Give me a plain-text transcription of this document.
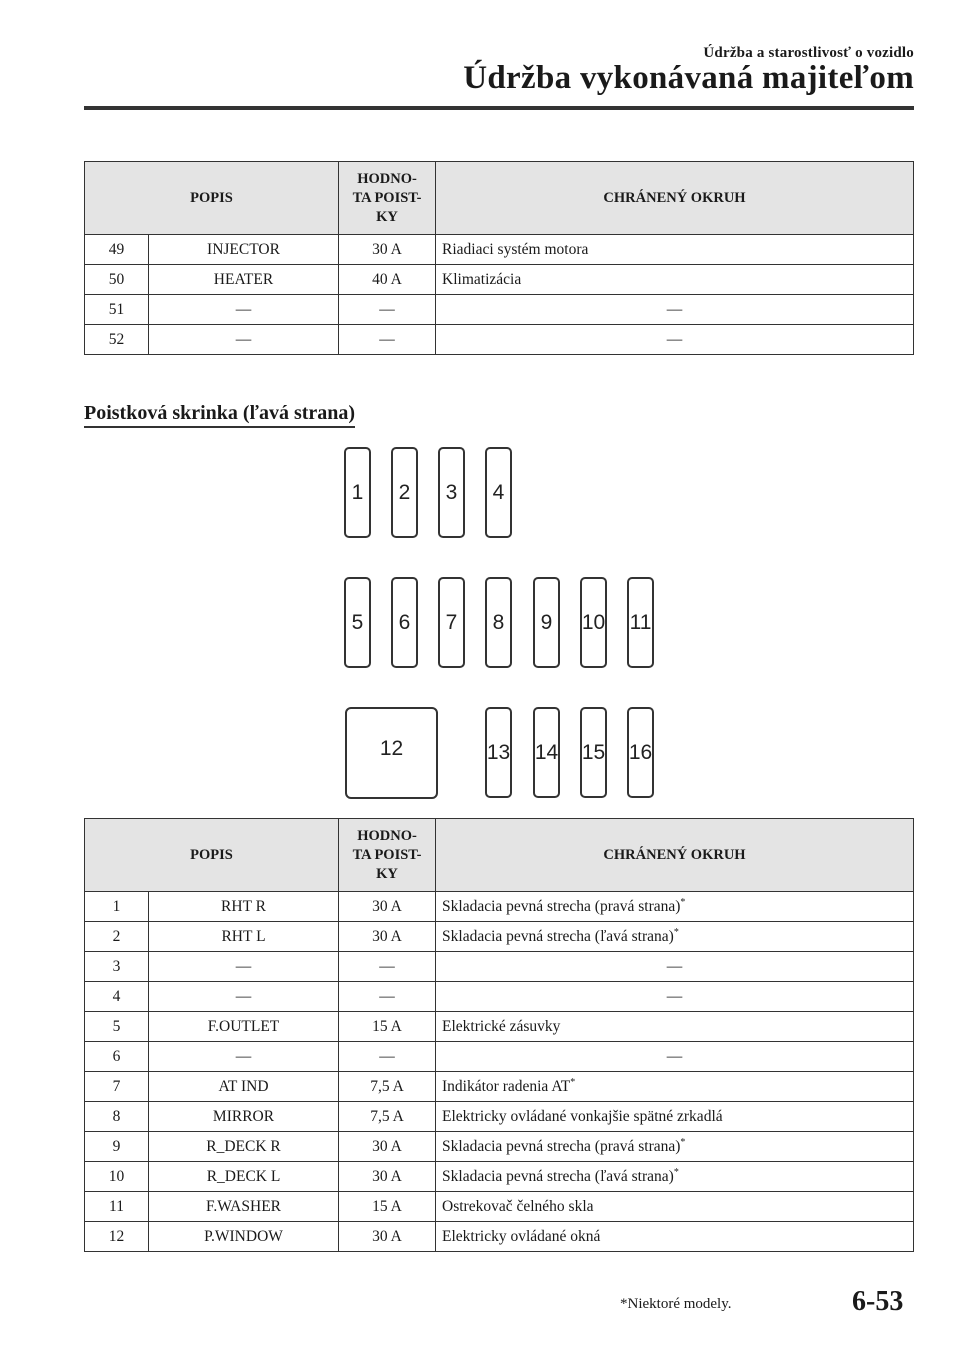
Údržba a starostlivosť o vozidlo
Údržba vykonávaná majiteľom
POPIS		HODNO-
TA POIST-
KY	CHRÁNENÝ OKRUH
49	INJECTOR	30 A	Riadiaci systém motora
50	HEATER	40 A	Klimatizácia
51	—	—	—
52	—	—	—
Poistková skrinka (ľavá strana)
1 2 3 4
5 6 7 8 9 10 11
12	13 14 15 16
POPIS		HODNO-
TA POIST-
KY	CHRÁNENÝ OKRUH
1	RHT R	30 A	Skladacia pevná strecha (pravá strana)*
2	RHT L	30 A	Skladacia pevná strecha (ľavá strana)*
3	—	—	—
4	—	—	—
5	F.OUTLET	15 A	Elektrické zásuvky
6	—	—	—
7	AT IND	7,5 A	Indikátor radenia AT*
8	MIRROR	7,5 A	Elektricky ovládané vonkajšie spätné zrkadlá
9	R_DECK R	30 A	Skladacia pevná strecha (pravá strana)*
10	R_DECK L	30 A	Skladacia pevná strecha (ľavá strana)*
11	F.WASHER	15 A	Ostrekovač čelného skla
12	P.WINDOW	30 A	Elektricky ovládané okná
*Niektoré modely.	6-53
